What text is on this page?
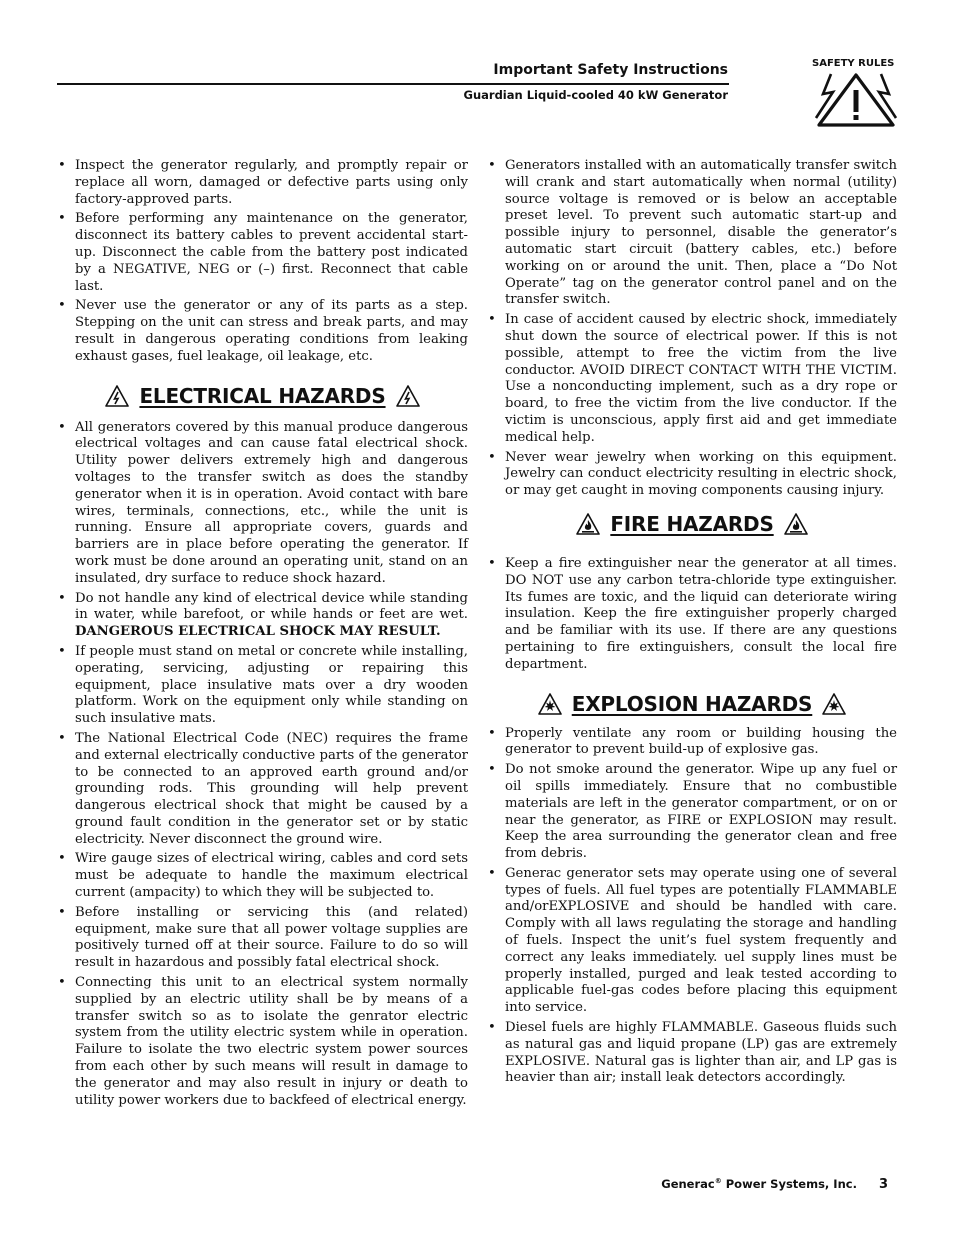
Important Safety Instructions

Guardian Liquid-cooled 40 kW Generator

SAFETY RULES

• Inspect the generator regularly, and promptly repair or replace all worn, damaged or defective parts using only factory-approved parts.
• Before performing any maintenance on the generator, disconnect its battery cables to prevent accidental start-up. Disconnect the cable from the battery post indicated by a NEGATIVE, NEG or (–) first. Reconnect that cable last.
• Never use the generator or any of its parts as a step. Stepping on the unit can stress and break parts, and may result in dangerous operating conditions from leaking exhaust gases, fuel leakage, oil leakage, etc.
ELECTRICAL HAZARDS
• All generators covered by this manual produce dangerous electrical voltages and can cause fatal electrical shock. Utility power delivers extremely high and dangerous voltages to the transfer switch as does the standby generator when it is in operation. Avoid contact with bare wires, terminals, connections, etc., while the unit is running. Ensure all appropriate covers, guards and barriers are in place before operating the generator. If work must be done around an operating unit, stand on an insulated, dry surface to reduce shock hazard.
• Do not handle any kind of electrical device while standing in water, while barefoot, or while hands or feet are wet. DANGEROUS ELECTRICAL SHOCK MAY RESULT.
• If people must stand on metal or concrete while installing, operating, servicing, adjusting or repairing this equipment, place insulative mats over a dry wooden platform. Work on the equipment only while standing on such insulative mats.
• The National Electrical Code (NEC) requires the frame and external electrically conductive parts of the generator to be connected to an approved earth ground and/or grounding rods. This grounding will help prevent dangerous electrical shock that might be caused by a ground fault condition in the generator set or by static electricity. Never disconnect the ground wire.
• Wire gauge sizes of electrical wiring, cables and cord sets must be adequate to handle the maximum electrical current (ampacity) to which they will be subjected to.
• Before installing or servicing this (and related) equipment, make sure that all power voltage supplies are positively turned off at their source. Failure to do so will result in hazardous and possibly fatal electrical shock.
• Connecting this unit to an electrical system normally supplied by an electric utility shall be by means of a transfer switch so as to isolate the genrator electric system from the utility electric system while in operation. Failure to isolate the two electric system power sources from each other by such means will result in damage to the generator and may also result in injury or death to utility power workers due to backfeed of electrical energy.
• Generators installed with an automatically transfer switch will crank and start automatically when normal (utility) source voltage is removed or is below an acceptable preset level. To prevent such automatic start-up and possible injury to personnel, disable the generator’s automatic start circuit (battery cables, etc.) before working on or around the unit. Then, place a “Do Not Operate” tag on the generator control panel and on the transfer switch.
• In case of accident caused by electric shock, immediately shut down the source of electrical power. If this is not possible, attempt to free the victim from the live conductor. AVOID DIRECT CONTACT WITH THE VICTIM. Use a nonconducting implement, such as a dry rope or board, to free the victim from the live conductor. If the victim is unconscious, apply first aid and get immediate medical help.
• Never wear jewelry when working on this equipment. Jewelry can conduct electricity resulting in electric shock, or may get caught in moving components causing injury.
FIRE HAZARDS
• Keep a fire extinguisher near the generator at all times. DO NOT use any carbon tetra-chloride type extinguisher. Its fumes are toxic, and the liquid can deteriorate wiring insulation. Keep the fire extinguisher properly charged and be familiar with its use. If there are any questions pertaining to fire extinguishers, consult the local fire department.
EXPLOSION HAZARDS
• Properly ventilate any room or building housing the generator to prevent build-up of explosive gas.
• Do not smoke around the generator. Wipe up any fuel or oil spills immediately. Ensure that no combustible materials are left in the generator compartment, or on or near the generator, as FIRE or EXPLOSION may result. Keep the area surrounding the generator clean and free from debris.
• Generac generator sets may operate using one of several types of fuels. All fuel types are potentially FLAMMABLE and/orEXPLOSIVE and should be handled with care. Comply with all laws regulating the storage and handling of fuels. Inspect the unit’s fuel system frequently and correct any leaks immediately. uel supply lines must be properly installed, purged and leak tested according to applicable fuel-gas codes before placing this equipment into service.
• Diesel fuels are highly FLAMMABLE. Gaseous fluids such as natural gas and liquid propane (LP) gas are extremely EXPLOSIVE. Natural gas is lighter than air, and LP gas is heavier than air; install leak detectors accordingly.

Generac® Power Systems, Inc. 3
